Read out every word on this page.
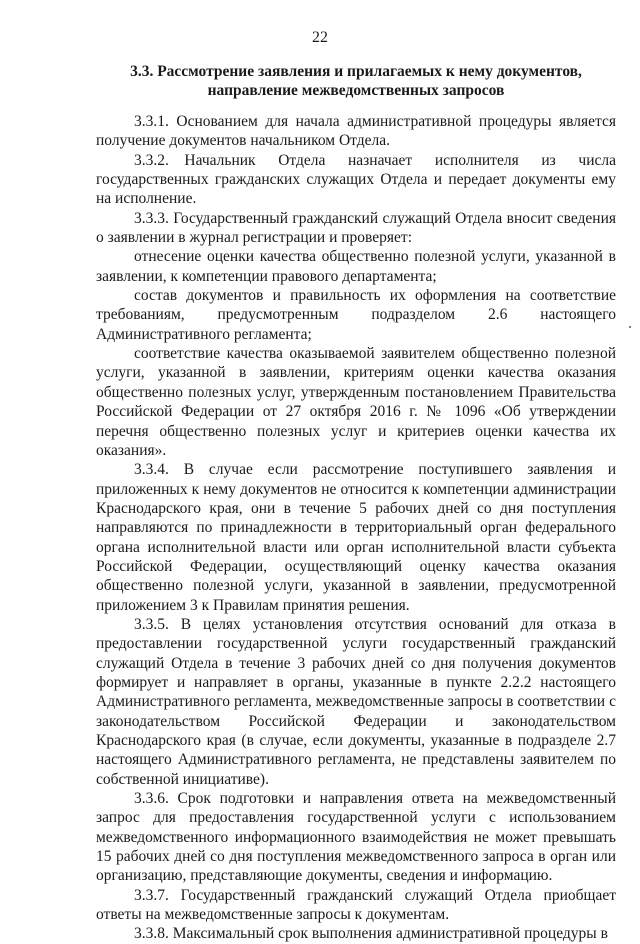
22
3.3. Рассмотрение заявления и прилагаемых к нему документов,
направление межведомственных запросов

3.3.1. Основанием для начала административной процедуры является получение документов начальником Отдела.

3.3.2. Начальник  Отдела  назначает  исполнителя  из  числа государственных гражданских служащих Отдела и передает документы ему на исполнение.

3.3.3. Государственный гражданский служащий Отдела вносит сведения о заявлении в журнал регистрации и проверяет:

отнесение оценки качества общественно полезной услуги, указанной в заявлении, к компетенции правового департамента;

состав документов и правильность их оформления на соответствие требованиям, предусмотренным подразделом 2.6 настоящего Административного регламента;

соответствие качества оказываемой заявителем общественно полезной услуги, указанной в заявлении, критериям оценки качества оказания общественно полезных услуг, утвержденным постановлением Правительства Российской Федерации от 27 октября 2016 г. № 1096 «Об утверждении перечня общественно полезных услуг и критериев оценки качества их оказания».

3.3.4. В случае если рассмотрение поступившего заявления и приложенных к нему документов не относится к компетенции администрации Краснодарского края, они в течение 5 рабочих дней со дня поступления направляются по принадлежности в территориальный орган федерального органа исполнительной власти или орган исполнительной власти субъекта Российской Федерации, осуществляющий оценку качества оказания общественно полезной услуги, указанной в заявлении, предусмотренной приложением 3 к Правилам принятия решения.

3.3.5. В целях установления отсутствия оснований для отказа в предоставлении государственной услуги государственный гражданский служащий Отдела в течение 3 рабочих дней со дня получения документов формирует и направляет в органы, указанные в пункте 2.2.2 настоящего Административного регламента, межведомственные запросы в соответствии с законодательством Российской Федерации и законодательством Краснодарского края (в случае, если документы, указанные в подразделе 2.7 настоящего Административного регламента, не представлены заявителем по собственной инициативе).

3.3.6. Срок подготовки и направления ответа на межведомственный запрос для предоставления государственной услуги с использованием межведомственного информационного взаимодействия не может превышать 15 рабочих дней со дня поступления межведомственного запроса в орган или организацию, представляющие документы, сведения и информацию.

3.3.7. Государственный гражданский служащий Отдела приобщает ответы на межведомственные запросы к документам.

3.3.8. Максимальный срок выполнения административной процедуры в
